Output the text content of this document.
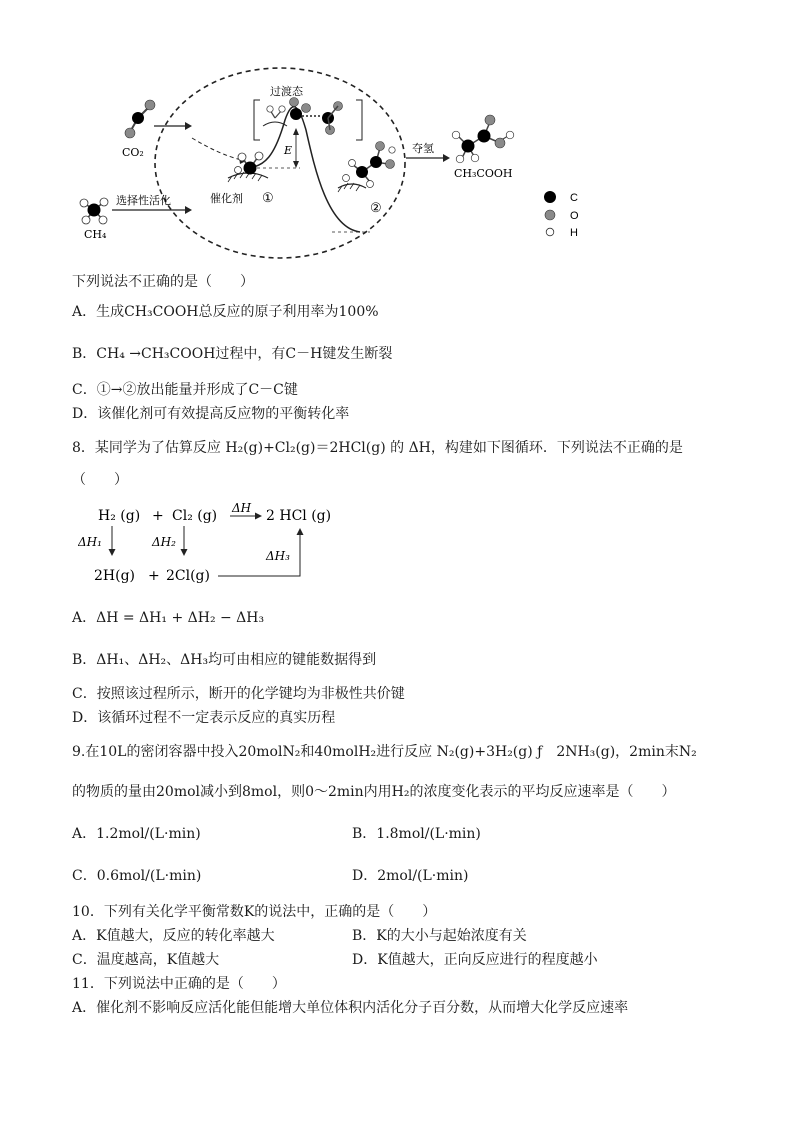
CO₂
CH₄
选择性活化
E
催化剂 ①
过渡态
②
夺氢
CH₃COOH
C
O
H
下列说法不正确的是（　　）
A．生成CH₃COOH总反应的原子利用率为100%
B．CH₄ →CH₃COOH过程中，有C－H键发生断裂
C．①→②放出能量并形成了C－C键
D．该催化剂可有效提高反应物的平衡转化率
8．某同学为了估算反应 H₂(g)+Cl₂(g)＝2HCl(g) 的 ΔH，构建如下图循环．下列说法不正确的是
（　　）
H₂ (g) + Cl₂ (g) ΔH 2 HCl (g)
ΔH₁	ΔH₂
2H(g) + 2Cl(g)
ΔH₃
A．ΔH = ΔH₁ + ΔH₂ − ΔH₃
B．ΔH₁、ΔH₂、ΔH₃均可由相应的键能数据得到
C．按照该过程所示，断开的化学键均为非极性共价键
D．该循环过程不一定表示反应的真实历程
9.在10L的密闭容器中投入20molN₂和40molH₂进行反应 N₂(g)+3H₂(g) ƒ　2NH₃(g)，2min末N₂
的物质的量由20mol减小到8mol，则0～2min内用H₂的浓度变化表示的平均反应速率是（　　）
A．1.2mol/(L·min)	B．1.8mol/(L·min)
C．0.6mol/(L·min)	D．2mol/(L·min)
10．下列有关化学平衡常数K的说法中，正确的是（　　）
A．K值越大，反应的转化率越大	B．K的大小与起始浓度有关
C．温度越高，K值越大	D．K值越大，正向反应进行的程度越小
11．下列说法中正确的是（　　）
A．催化剂不影响反应活化能但能增大单位体积内活化分子百分数，从而增大化学反应速率
